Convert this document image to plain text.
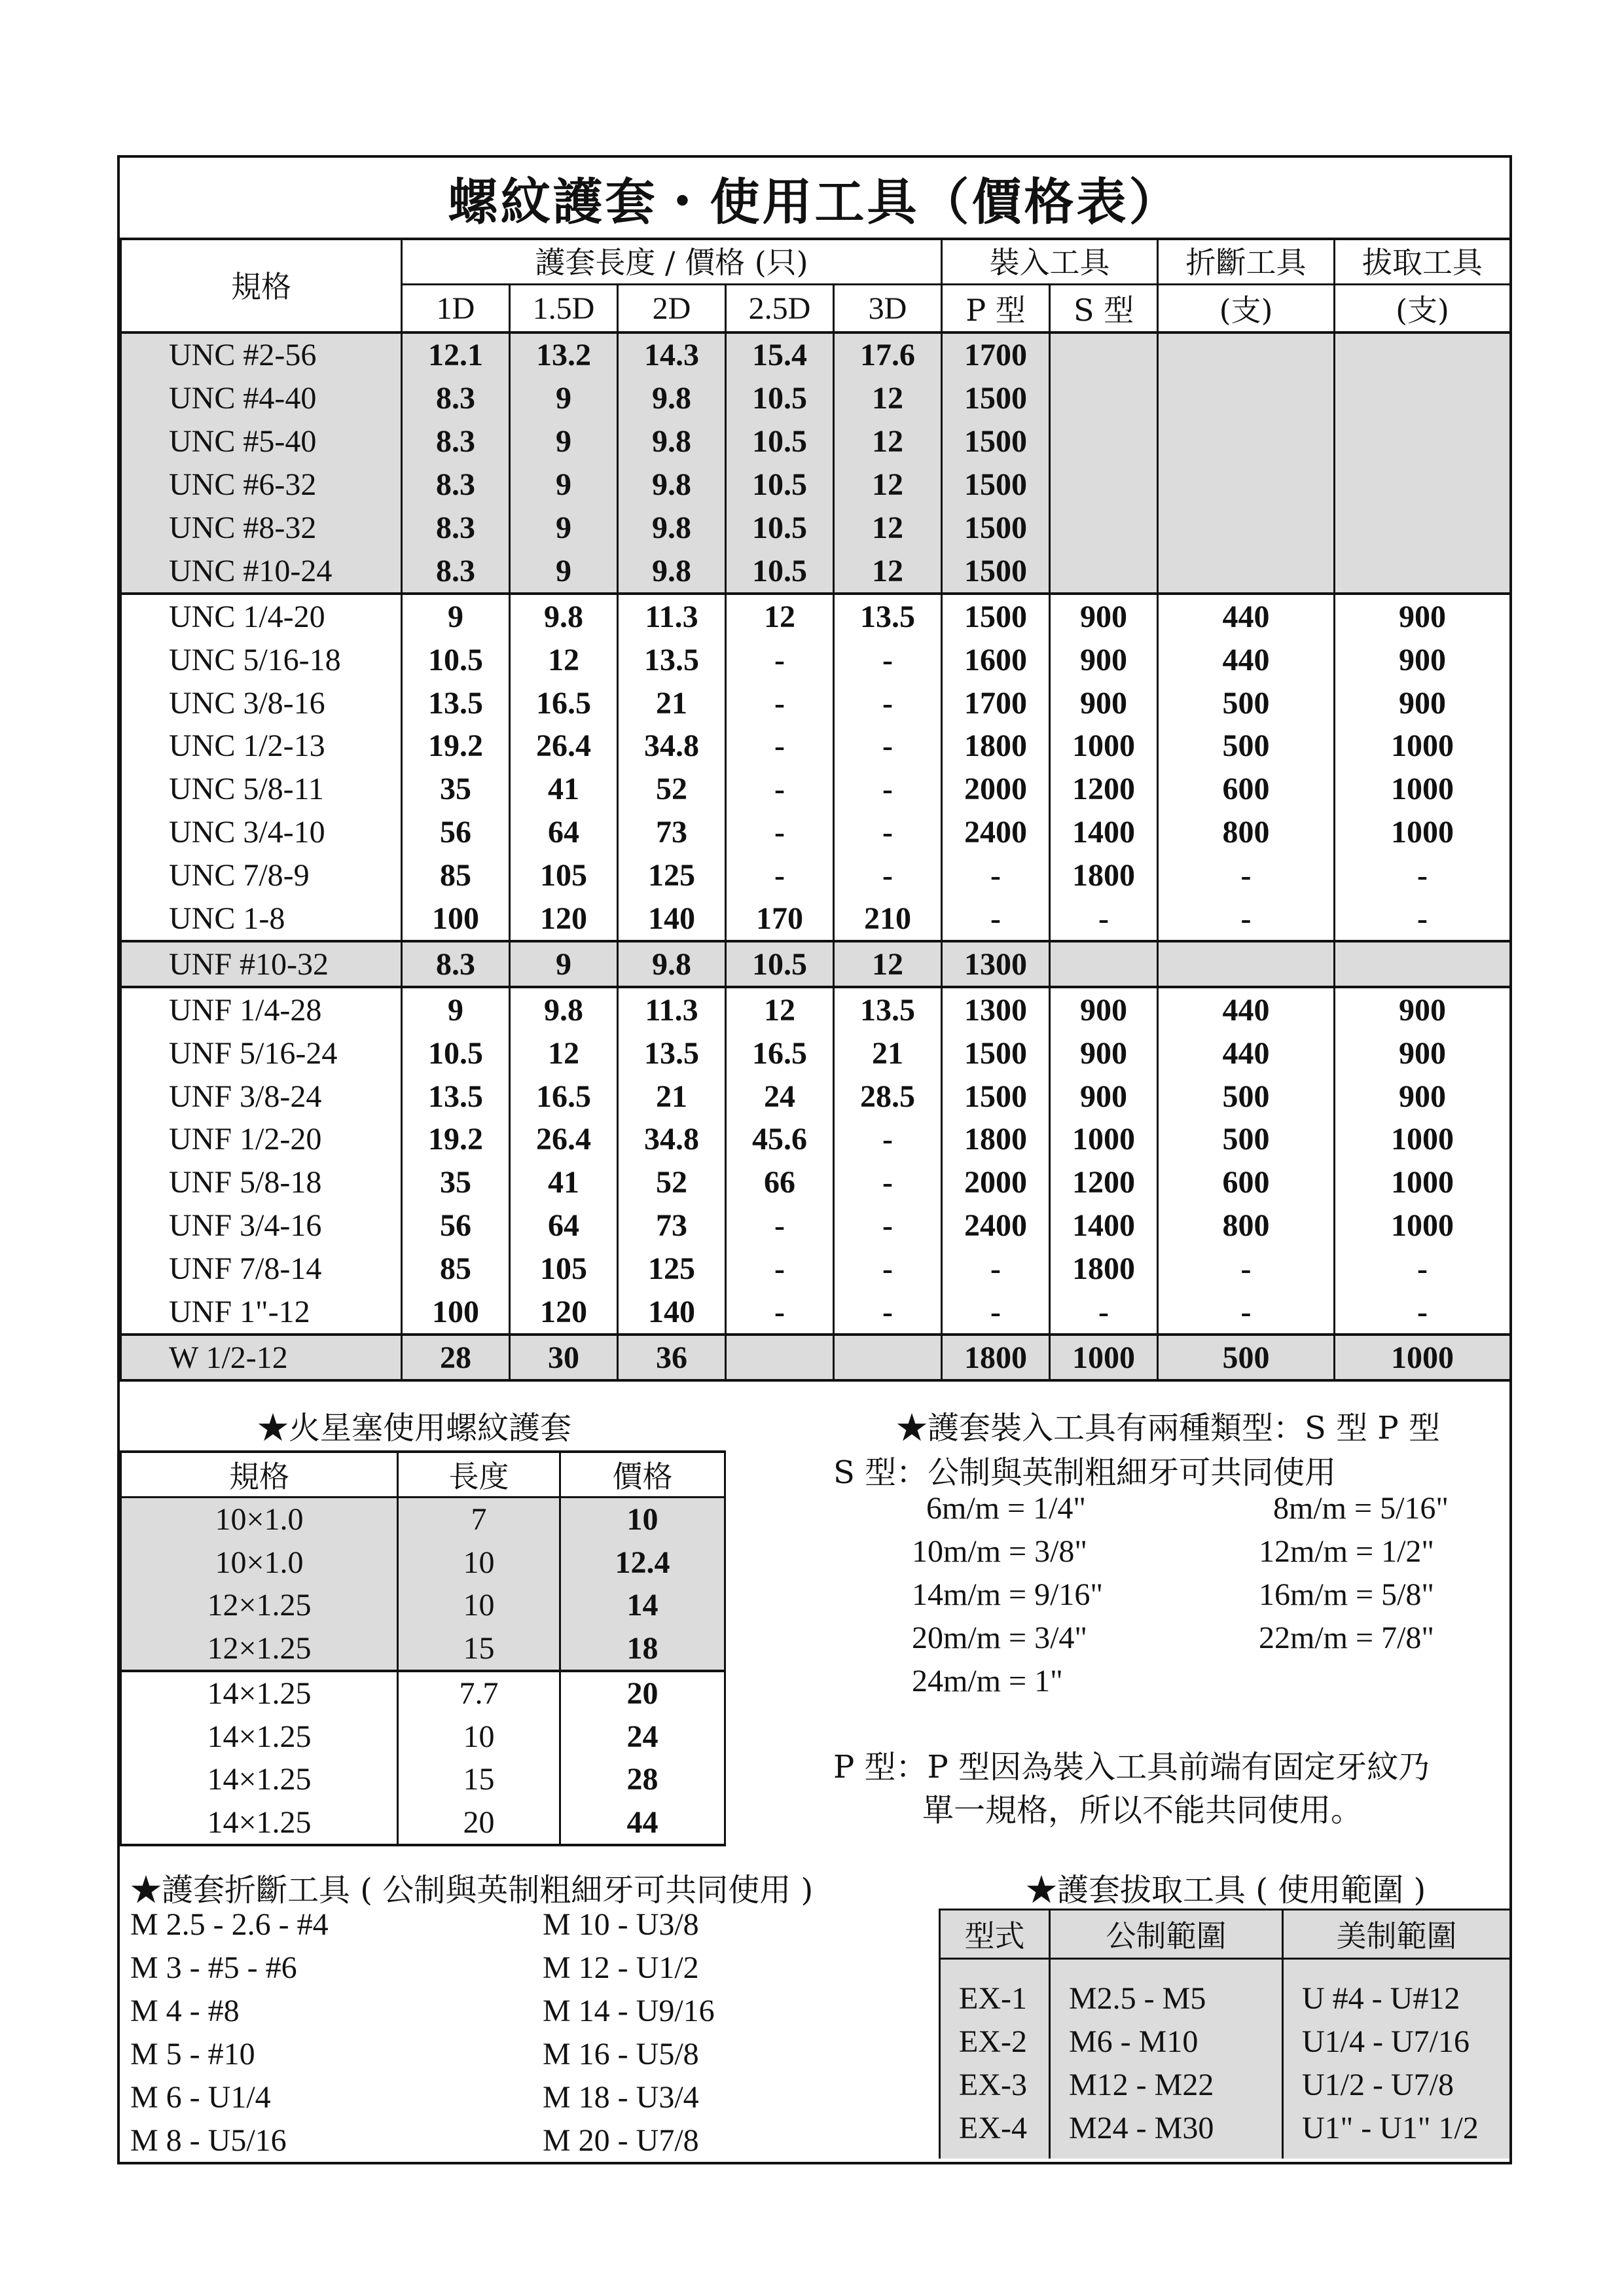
螺紋護套・使用工具（價格表）
規格	護套長度 / 價格 (只)					裝入工具		折斷工具	拔取工具
	1D	1.5D	2D	2.5D	3D	P 型	S 型	(支)	(支)
UNC #2-56	12.1	13.2	14.3	15.4	17.6	1700			
UNC #4-40	8.3	9	9.8	10.5	12	1500			
UNC #5-40	8.3	9	9.8	10.5	12	1500			
UNC #6-32	8.3	9	9.8	10.5	12	1500			
UNC #8-32	8.3	9	9.8	10.5	12	1500			
UNC #10-24	8.3	9	9.8	10.5	12	1500			
UNC 1/4-20	9	9.8	11.3	12	13.5	1500	900	440	900
UNC 5/16-18	10.5	12	13.5	-	-	1600	900	440	900
UNC 3/8-16	13.5	16.5	21	-	-	1700	900	500	900
UNC 1/2-13	19.2	26.4	34.8	-	-	1800	1000	500	1000
UNC 5/8-11	35	41	52	-	-	2000	1200	600	1000
UNC 3/4-10	56	64	73	-	-	2400	1400	800	1000
UNC 7/8-9	85	105	125	-	-	-	1800	-	-
UNC 1-8	100	120	140	170	210	-	-	-	-
UNF #10-32	8.3	9	9.8	10.5	12	1300			
UNF 1/4-28	9	9.8	11.3	12	13.5	1300	900	440	900
UNF 5/16-24	10.5	12	13.5	16.5	21	1500	900	440	900
UNF 3/8-24	13.5	16.5	21	24	28.5	1500	900	500	900
UNF 1/2-20	19.2	26.4	34.8	45.6	-	1800	1000	500	1000
UNF 5/8-18	35	41	52	66	-	2000	1200	600	1000
UNF 3/4-16	56	64	73	-	-	2400	1400	800	1000
UNF 7/8-14	85	105	125	-	-	-	1800	-	-
UNF 1"-12	100	120	140	-	-	-	-	-	-
W 1/2-12	28	30	36			1800	1000	500	1000
★火星塞使用螺紋護套
規格	長度	價格
10×1.0	7	10
10×1.0	10	12.4
12×1.25	10	14
12×1.25	15	18
14×1.25	7.7	20
14×1.25	10	24
14×1.25	15	28
14×1.25	20	44
★護套裝入工具有兩種類型：S 型 P 型
S 型：公制與英制粗細牙可共同使用
P 型：P 型因為裝入工具前端有固定牙紋乃
單一規格，所以不能共同使用。
★護套折斷工具 ( 公制與英制粗細牙可共同使用 )	★護套拔取工具 ( 使用範圍 )
型式	公制範圍	美制範圍
EX-1	M2.5 - M5	U #4 - U#12
EX-2	M6 - M10	U1/4 - U7/16
EX-3	M12 - M22	U1/2 - U7/8
EX-4	M24 - M30	U1" - U1" 1/2
6m/m = 1/4"
10m/m = 3/8"
14m/m = 9/16"
20m/m = 3/4"
24m/m = 1"
8m/m = 5/16"
12m/m = 1/2"
16m/m = 5/8"
22m/m = 7/8"
M 2.5 - 2.6 - #4
M 3 - #5 - #6
M 4 - #8
M 5 - #10
M 6 - U1/4
M 8 - U5/16
M 10 - U3/8
M 12 - U1/2
M 14 - U9/16
M 16 - U5/8
M 18 - U3/4
M 20 - U7/8
